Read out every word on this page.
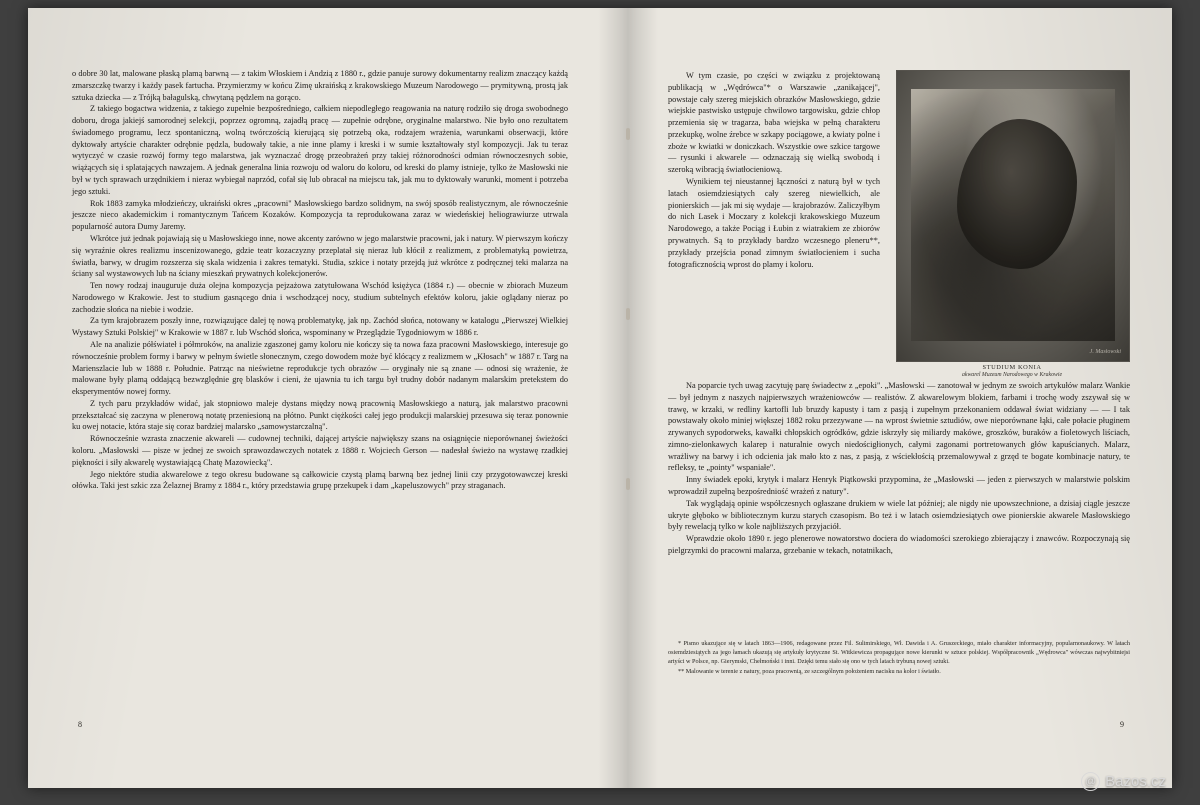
o dobre 30 lat, malowane płaską plamą barwną — z takim Włoskiem i Andzią z 1880 r., gdzie panuje surowy dokumentarny realizm znaczący każdą zmarszczkę twarzy i każdy pasek fartucha. Przymierzmy w końcu Zimę ukraińską z krakowskiego Muzeum Narodowego — prymitywną, prostą jak sztuka dziecka — z Trójką bałagulską, chwytaną pędzlem na gorąco.

Z takiego bogactwa widzenia, z takiego zupełnie bezpośredniego, całkiem niepodległego reagowania na naturę rodziło się droga swobodnego doboru, droga jakiejś samorodnej selekcji, poprzez ogromną, zajadłą pracę — zupełnie odrębne, oryginalne malarstwo. Nie było ono rezultatem świadomego programu, lecz spontaniczną, wolną twórczością kierującą się potrzebą oka, rodzajem wrażenia, warunkami obserwacji, które dyktowały artyście charakter odrębnie pędzla, budowały takie, a nie inne plamy i kreski i w sumie kształtowały styl kompozycji. Jak tu teraz wytyczyć w czasie rozwój formy tego malarstwa, jak wyznaczać drogę przeobrażeń przy takiej różnorodności odmian równoczesnych sobie, wiążących się i splatających nawzajem. A jednak generalna linia rozwoju od waloru do koloru, od kreski do plamy istnieje, tylko że Masłowski nie był w tych sprawach urzędnikiem i nieraz wybiegał naprzód, cofał się lub obracał na miejscu tak, jak mu to dyktowały warunki, moment i potrzeba jego sztuki.

Rok 1883 zamyka młodzieńczy, ukraiński okres „pracowni" Masłowskiego bardzo solidnym, na swój sposób realistycznym, ale równocześnie jeszcze nieco akademickim i romantycznym Tańcem Kozaków. Kompozycja ta reprodukowana zaraz w wiedeńskiej heliograwiurze utrwala popularność autora Dumy Jaremy.

Wkrótce już jednak pojawiają się u Masłowskiego inne, nowe akcenty zarówno w jego malarstwie pracowni, jak i natury. W pierwszym kończy się wyraźnie okres realizmu inscenizowanego, gdzie teatr kozaczyzny przeplatał się nieraz lub kłócił z realizmem, z problematyką powietrza, światła, barwy, w drugim rozszerza się skala widzenia i zakres tematyki. Studia, szkice i notaty przejdą już wkrótce z podręcznej teki malarza na ściany sal wystawowych lub na ściany mieszkań prywatnych kolekcjonerów.

Ten nowy rodzaj inauguruje duża olejna kompozycja pejzażowa zatytułowana Wschód księżyca (1884 r.) — obecnie w zbiorach Muzeum Narodowego w Krakowie. Jest to studium gasnącego dnia i wschodzącej nocy, studium subtelnych efektów koloru, jakie oglądany nieraz po zachodzie słońca na niebie i wodzie.

Za tym krajobrazem poszły inne, rozwiązujące dalej tę nową problematykę, jak np. Zachód słońca, notowany w katalogu „Pierwszej Wielkiej Wystawy Sztuki Polskiej" w Krakowie w 1887 r. lub Wschód słońca, wspominany w Przeglądzie Tygodniowym w 1886 r.

Ale na analizie półświateł i półmroków, na analizie zgaszonej gamy koloru nie kończy się ta nowa faza pracowni Masłowskiego, interesuje go równocześnie problem formy i barwy w pełnym świetle słonecznym, czego dowodem może być klócący z realizmem w „Kłosach" w 1887 r. Targ na Marienszlacie lub w 1888 r. Południe. Patrząc na nieświetne reprodukcje tych obrazów — oryginały nie są znane — odnosi się wrażenie, że malowane były plamą oddającą bezwzględnie grę blasków i cieni, że ujawnia tu ich targu był trudny dobór nadanym malarskim pretekstem do eksperymentów nowej formy.

Z tych paru przykładów widać, jak stopniowo maleje dystans między nową pracownią Masłowskiego a naturą, jak malarstwo pracowni przekształcać się zaczyna w plenerową notatę przeniesioną na płótno. Punkt ciężkości całej jego produkcji malarskiej przesuwa się teraz ponownie ku owej notacie, która staje się coraz bardziej malarsko „samowystarczalną".

Równocześnie wzrasta znaczenie akwareli — cudownej techniki, dającej artyście największy szans na osiągnięcie nieporównanej świeżości koloru. „Masłowski — pisze w jednej ze swoich sprawozdawczych notatek z 1888 r. Wojciech Gerson — nadesłał świeżo na wystawę rzadkiej piękności i siły akwarelę wystawiającą Chatę Mazowiecką".

Jego niektóre studia akwarelowe z tego okresu budowane są całkowicie czystą plamą barwną bez jednej linii czy przygotowawczej kreski ołówka. Taki jest szkic zza Żelaznej Bramy z 1884 r., który przedstawia grupę przekupek i dam „kapeluszowych" przy straganach.

8

W tym czasie, po części w związku z projektowaną publikacją w „Wędrówca"* o Warszawie „zanikającej", powstaje cały szereg miejskich obrazków Masłowskiego, gdzie wiejskie pastwisko ustępuje chwilowo targowisku, gdzie chłop przemienia się w tragarza, baba wiejska w pełną charakteru przekupkę, wolne źrebce w szkapy pociągowe, a kwiaty polne i zboże w kwiatki w doniczkach. Wszystkie owe szkice targowe — rysunki i akwarele — odznaczają się wielką swobodą i szeroką wibracją światłocieniową.

Wynikiem tej nieustannej łączności z naturą był w tych latach osiemdziesiątych cały szereg niewielkich, ale pionierskich — jak mi się wydaje — krajobrazów. Zaliczyłbym do nich Lasek i Moczary z kolekcji krakowskiego Muzeum Narodowego, a także Pociąg i Łubin z wiatrakiem ze zbiorów prywatnych. Są to przykłady bardzo wczesnego pleneru**, przykłady przejścia ponad zimnym światłocieniem i sucha fotograficznością wprost do plamy i koloru.

J. Masłowski
STUDIUM KONIA
akwarel Muzeum Narodowego w Krakowie

Na poparcie tych uwag zacytuję parę świadectw z „epoki". „Masłowski — zanotował w jednym ze swoich artykułów malarz Wankie — był jednym z naszych najpierwszych wrażeniowców — realistów. Z akwarelowym blokiem, farbami i trochę wody zszywał się w trawę, w krzaki, w redliny kartofli lub bruzdy kapusty i tam z pasją i zupełnym przekonaniem oddawał świat widziany — — I tak powstawały około miniej większej 1882 roku przezywane — na wprost świetnie sztudiów, owe nieporównane łąki, całe połacie pługinem zrywanych sypodorweks, kawałki chłopskich ogródków, gdzie iskrzyły się miliardy makówe, groszków, buraków a fioletowych liściach, zimno-zielonkawych kalarep i naturalnie owych niedościgłionych, całymi zagonami portretowanych głów kapuścianych. Malarz, wrażliwy na barwy i ich odcienia jak mało kto z nas, z pasją, z wściekłością przemalowywał z grzęd te bogate kombinacje natury, te refleksy, te „pointy" wspaniałe".

Inny świadek epoki, krytyk i malarz Henryk Piątkowski przypomina, że „Masłowski — jeden z pierwszych w malarstwie polskim wprowadził zupełną bezpośredniość wrażeń z natury".

Tak wyglądają opinie współczesnych ogłaszane drukiem w wiele lat później; ale nigdy nie upowszechnione, a dzisiaj ciągle jeszcze ukryte głęboko w bibliotecznym kurzu starych czasopism. Bo też i w latach osiemdziesiątych owe pionierskie akwarele Masłowskiego były rewelacją tylko w kole najbliższych przyjaciół.

Wprawdzie około 1890 r. jego plenerowe nowatorstwo dociera do wiadomości szerokiego zbierajączy i znawców. Rozpoczynają się pielgrzymki do pracowni malarza, grzebanie w tekach, notatnikach,

* Pismo ukazujące się w latach 1863—1906, redagowane przez Fil. Sulimirskiego, Wł. Dawida i A. Gruszeckiego, miało charakter informacyjny, popularnonaukowy. W latach osiemdziesiątych za jego łamach ukazują się artykuły krytyczne St. Witkiewicza propagujące nowe kierunki w sztuce polskiej. Współpracownik „Wędrowca" wówczas najwybitniejsi artyści w Polsce, np. Gierymski, Chełmoński i inni. Dzięki temu stało się ono w tych latach trybuną nowej sztuki.

** Malowanie w terenie z natury, poza pracownią, ze szczególnym położeniem nacisku na kolor i światło.

9
@
Bazos.cz
